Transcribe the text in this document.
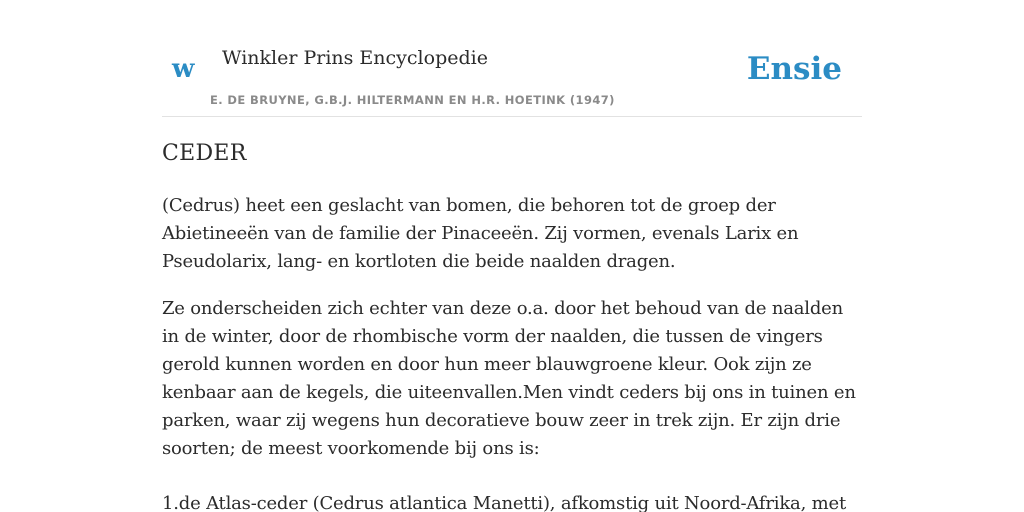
w Winkler Prins Encyclopedie
E. DE BRUYNE, G.B.J. HILTERMANN EN H.R. HOETINK (1947)
Ensie
CEDER

(Cedrus) heet een geslacht van bomen, die behoren tot de groep der Abietineeën van de familie der Pinaceeën. Zij vormen, evenals Larix en Pseudolarix, lang- en kortloten die beide naalden dragen.

Ze onderscheiden zich echter van deze o.a. door het behoud van de naalden in de winter, door de rhombische vorm der naalden, die tussen de vingers gerold kunnen worden en door hun meer blauwgroene kleur. Ook zijn ze kenbaar aan de kegels, die uiteenvallen.Men vindt ceders bij ons in tuinen en parken, waar zij wegens hun decoratieve bouw zeer in trek zijn. Er zijn drie soorten; de meest voorkomende bij ons is:

1.de Atlas-ceder (Cedrus atlantica Manetti), afkomstig uit Noord-Afrika, met
